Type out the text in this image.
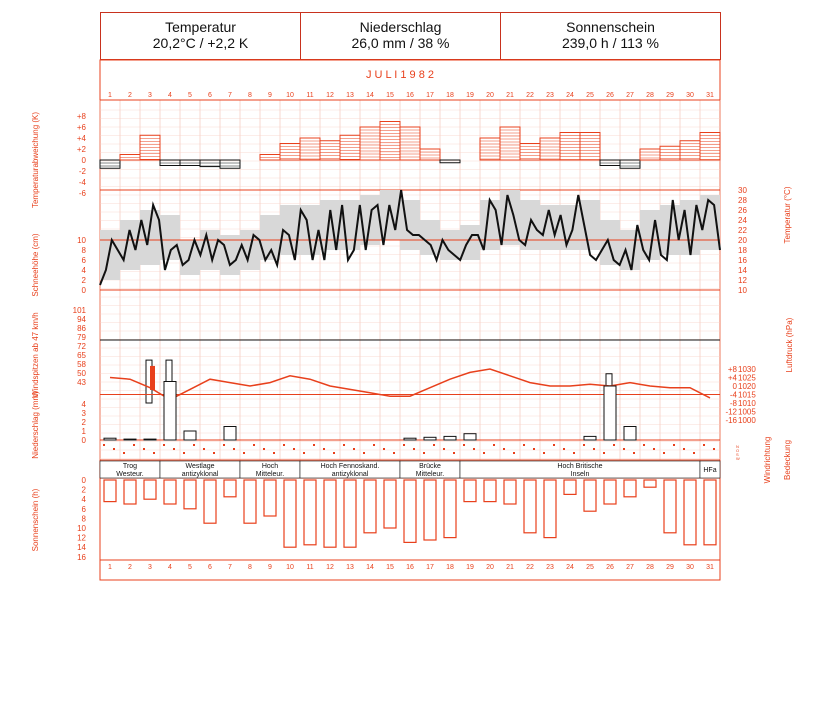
Temperatur
20,2°C / +2,2 K
Niederschlag
26,0 mm / 38 %
Sonnenschein
239,0 h / 113 %
J U L I 1 9 8 2
1
1
2
2
3
3
4
4
5
5
6
6
7
7
8
8
9
9
10
10
11
11
12
12
13
13
14
14
15
15
16
16
17
17
18
18
19
19
20
20
21
21
22
22
23
23
24
24
25
25
26
26
27
27
28
28
29
29
30
30
31
31
+8
+6
+4
+2
0
-2
-4
-6
Temperaturabweichung (K)	30
28
26
24
22
20
18
16
14
12
10
Temperatur (°C)
10
8
6
4
2
0
Schneehöhe (cm)
101
94
86
79
72
65
58
50
43
Windspitzen ab 47 km/h	1030
1025
1020
1015
1010
1005
1000
+8
+4
0
-4
-8
-12
-16
Luftdruck (hPa)
4
3
2
1
0
Niederschlag (mm)	N
O
S
W	Windrichtung Bedeckung
Trog
Westeur.
Westlage
antizyklonal
Hoch
Mitteleur.
Hoch Fennoskand.
antizyklonal
Brücke
Mitteleur.
Hoch Britische
Inseln
HFa
0
2
4
6
8
10
12
14
16
Sonnenschein (h)
